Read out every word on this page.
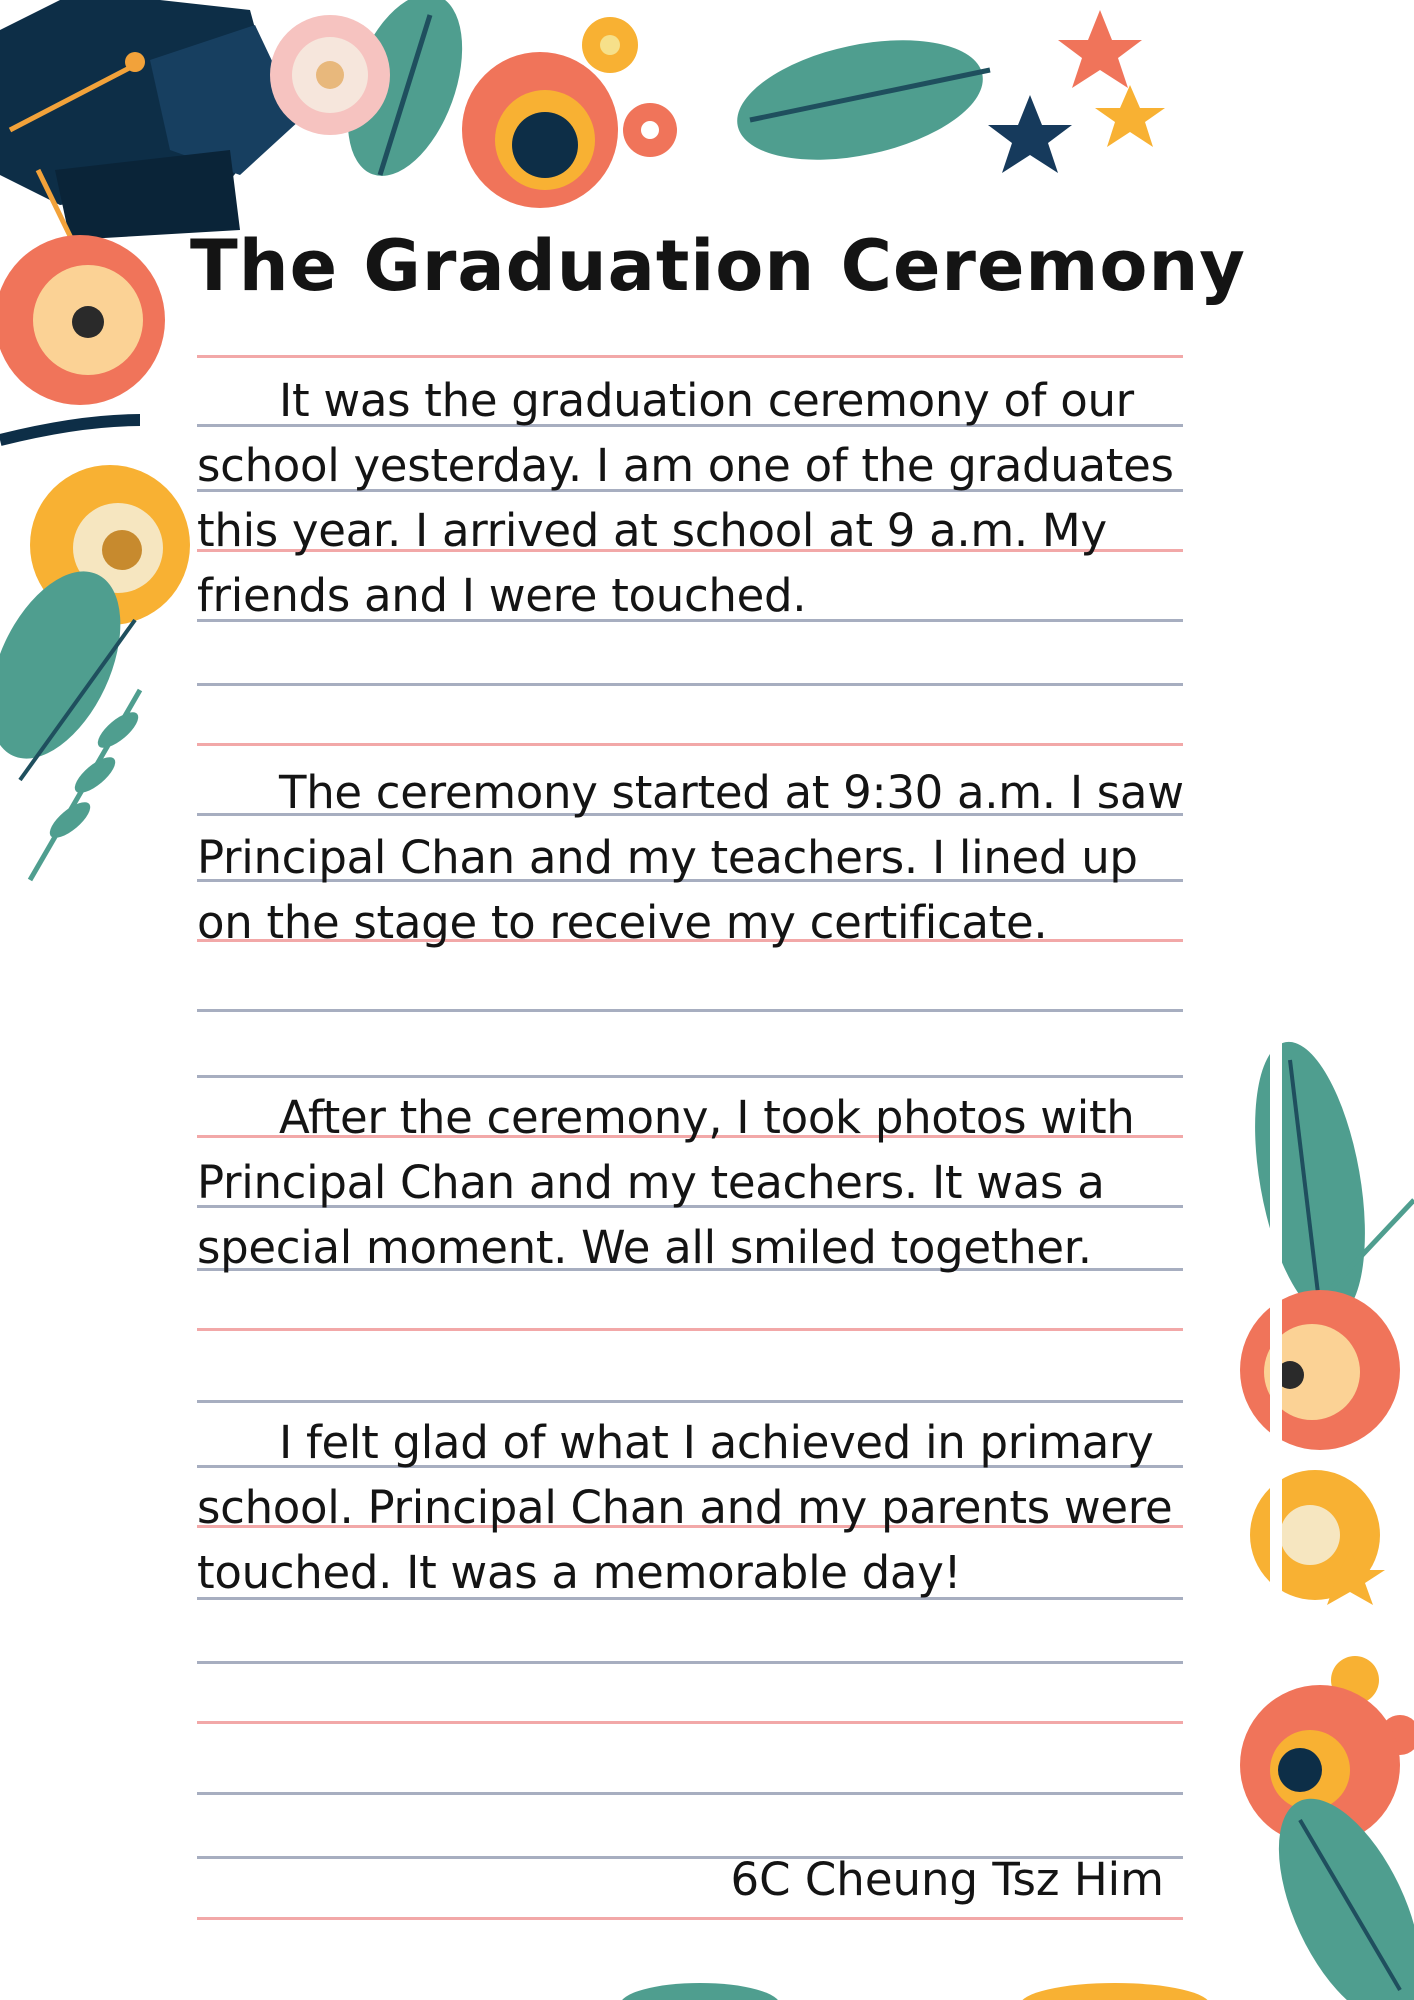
The Graduation Ceremony

It was the graduation ceremony of our school yesterday. I am one of the graduates this year. I arrived at school at 9 a.m. My friends and I were touched.

The ceremony started at 9:30 a.m. I saw Principal Chan and my teachers. I lined up on the stage to receive my certificate.

After the ceremony, I took photos with Principal Chan and my teachers. It was a special moment. We all smiled together.

I felt glad of what I achieved in primary school. Principal Chan and my parents were touched. It was a memorable day!

6C Cheung Tsz Him
